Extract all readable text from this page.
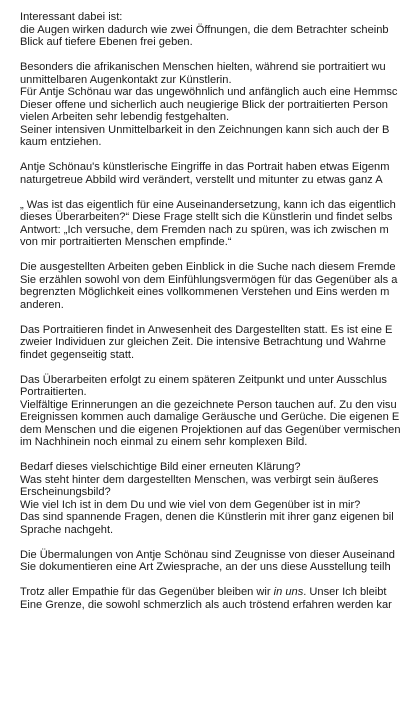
Interessant dabei ist:
die Augen wirken dadurch wie zwei Öffnungen, die dem Betrachter scheinb
Blick auf tiefere Ebenen frei geben.
Besonders die afrikanischen Menschen hielten, während sie portraitiert wu
unmittelbaren Augenkontakt zur Künstlerin.
Für Antje Schönau war das ungewöhnlich und anfänglich auch eine Hemmsc
Dieser offene und sicherlich auch neugierige Blick der portraitierten Person
vielen Arbeiten sehr lebendig festgehalten.
Seiner intensiven Unmittelbarkeit in den Zeichnungen kann sich auch der B
kaum entziehen.
Antje Schönau's künstlerische Eingriffe in das Portrait haben etwas Eigenm
naturgetreue Abbild wird verändert, verstellt und mitunter zu etwas ganz A
„ Was ist das eigentlich für eine Auseinandersetzung, kann ich das eigentlich
dieses Überarbeiten?“ Diese Frage stellt sich die Künstlerin und findet selbs
Antwort: „Ich versuche, dem Fremden nach zu spüren, was ich zwischen m
von mir portraitierten Menschen empfinde.“
Die ausgestellten Arbeiten geben Einblick in die Suche nach diesem Fremde
Sie erzählen sowohl von dem Einfühlungsvermögen für das Gegenüber als a
begrenzten Möglichkeit eines vollkommenen Verstehen und Eins werden m
anderen.
Das Portraitieren findet in Anwesenheit des Dargestellten statt. Es ist eine E
zweier Individuen zur gleichen Zeit. Die intensive Betrachtung und Wahrne
findet gegenseitig statt.
Das Überarbeiten erfolgt zu einem späteren Zeitpunkt und unter Ausschlus
Portraitierten.
Vielfältige Erinnerungen an die gezeichnete Person tauchen auf. Zu den visu
Ereignissen kommen auch damalige Geräusche und Gerüche. Die eigenen E
dem Menschen und die eigenen Projektionen auf das Gegenüber vermischen
im Nachhinein noch einmal zu einem sehr komplexen Bild.
Bedarf dieses vielschichtige Bild einer erneuten Klärung?
Was steht hinter dem dargestellten Menschen, was verbirgt sein äußeres
Erscheinungsbild?
Wie viel Ich ist in dem Du und wie viel von dem Gegenüber ist in mir?
Das sind spannende Fragen, denen die Künstlerin mit ihrer ganz eigenen bil
Sprache nachgeht.
Die Übermalungen von Antje Schönau sind Zeugnisse von dieser Auseinand
Sie dokumentieren eine Art Zwiesprache, an der uns diese Ausstellung teilh
Trotz aller Empathie für das Gegenüber bleiben wir in uns. Unser Ich bleibt
Eine Grenze, die sowohl schmerzlich als auch tröstend erfahren werden kar
